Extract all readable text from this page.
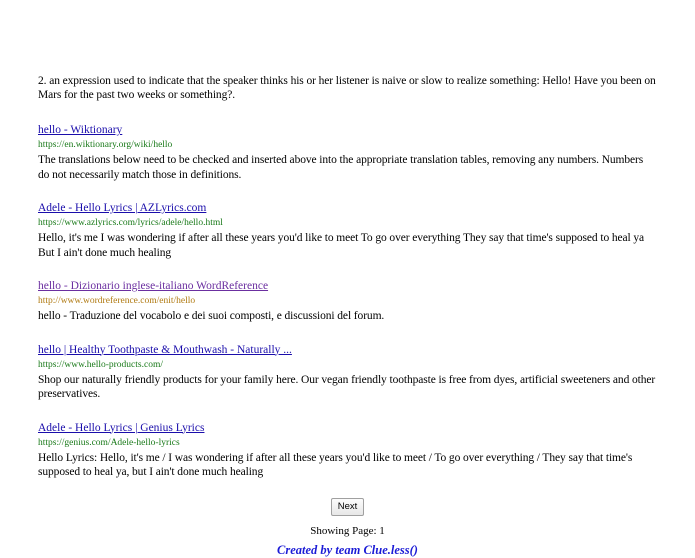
2. an expression used to indicate that the speaker thinks his or her listener is naive or slow to realize something: Hello! Have you been on Mars for the past two weeks or something?.

hello - Wiktionary
https://en.wiktionary.org/wiki/hello
The translations below need to be checked and inserted above into the appropriate translation tables, removing any numbers. Numbers do not necessarily match those in definitions.
Adele - Hello Lyrics | AZLyrics.com
https://www.azlyrics.com/lyrics/adele/hello.html
Hello, it's me I was wondering if after all these years you'd like to meet To go over everything They say that time's supposed to heal ya But I ain't done much healing
hello - Dizionario inglese-italiano WordReference
http://www.wordreference.com/enit/hello
hello - Traduzione del vocabolo e dei suoi composti, e discussioni del forum.
hello | Healthy Toothpaste & Mouthwash - Naturally ...
https://www.hello-products.com/
Shop our naturally friendly products for your family here. Our vegan friendly toothpaste is free from dyes, artificial sweeteners and other preservatives.
Adele - Hello Lyrics | Genius Lyrics
https://genius.com/Adele-hello-lyrics
Hello Lyrics: Hello, it's me / I was wondering if after all these years you'd like to meet / To go over everything / They say that time's supposed to heal ya, but I ain't done much healing
Next
Showing Page: 1
Created by team Clue.less()
